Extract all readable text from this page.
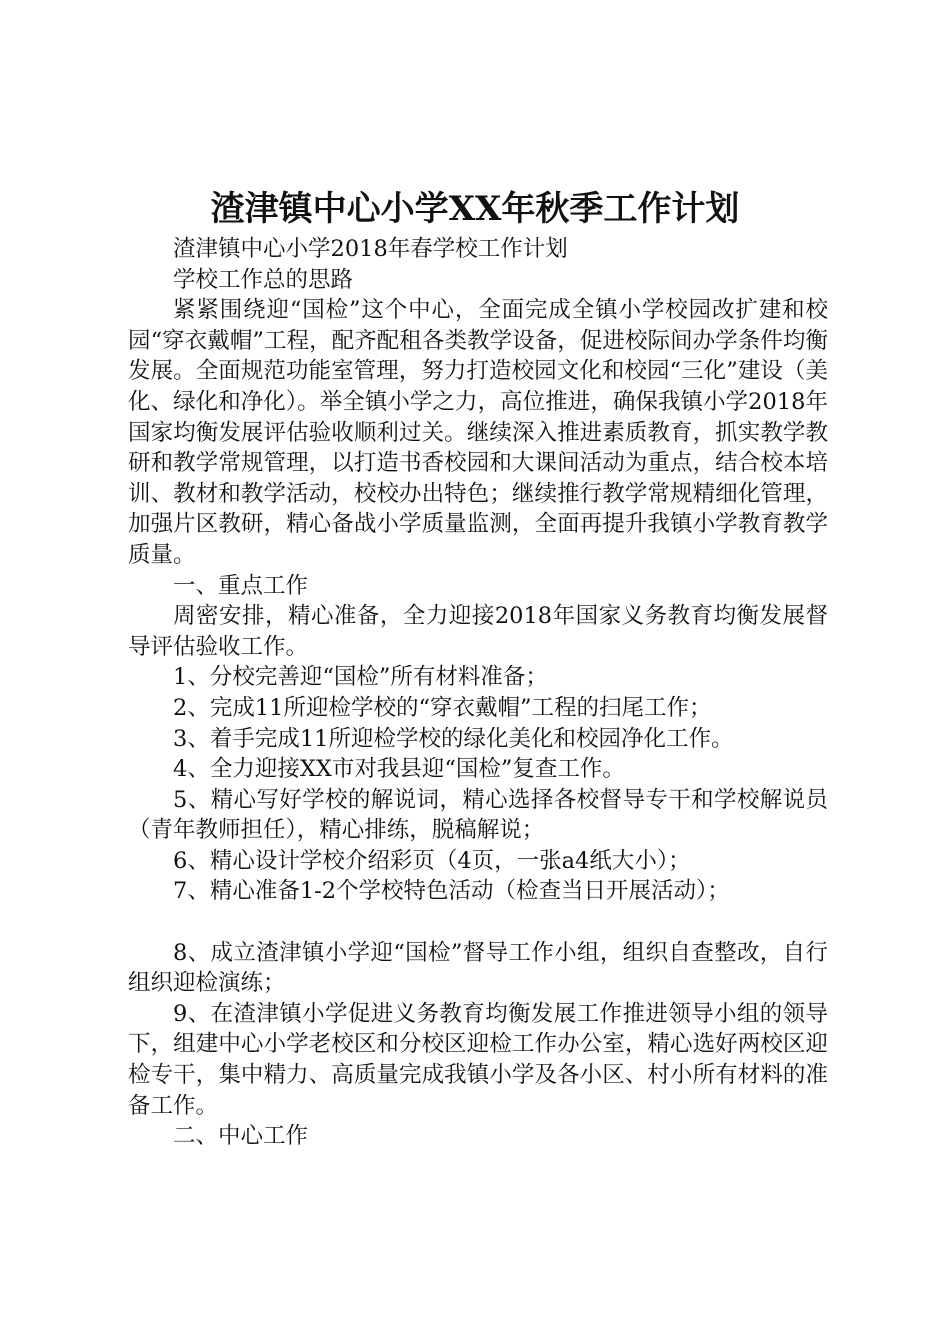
渣津镇中心小学XX年秋季工作计划

渣津镇中心小学2018年春学校工作计划

学校工作总的思路

紧紧围绕迎“国检”这个中心，全面完成全镇小学校园改扩建和校园“穿衣戴帽”工程，配齐配租各类教学设备，促进校际间办学条件均衡发展。全面规范功能室管理，努力打造校园文化和校园“三化”建设（美化、绿化和净化）。举全镇小学之力，高位推进，确保我镇小学2018年国家均衡发展评估验收顺利过关。继续深入推进素质教育，抓实教学教研和教学常规管理，以打造书香校园和大课间活动为重点，结合校本培训、教材和教学活动，校校办出特色；继续推行教学常规精细化管理，加强片区教研，精心备战小学质量监测，全面再提升我镇小学教育教学质量。

一、重点工作

周密安排，精心准备，全力迎接2018年国家义务教育均衡发展督导评估验收工作。

1、分校完善迎“国检”所有材料准备；

2、完成11所迎检学校的“穿衣戴帽”工程的扫尾工作；

3、着手完成11所迎检学校的绿化美化和校园净化工作。

4、全力迎接XX市对我县迎“国检”复查工作。

5、精心写好学校的解说词，精心选择各校督导专干和学校解说员（青年教师担任），精心排练，脱稿解说；

6、精心设计学校介绍彩页（4页，一张a4纸大小）；

7、精心准备1-2个学校特色活动（检查当日开展活动）；

8、成立渣津镇小学迎“国检”督导工作小组，组织自查整改，自行组织迎检演练；

9、在渣津镇小学促进义务教育均衡发展工作推进领导小组的领导下，组建中心小学老校区和分校区迎检工作办公室，精心选好两校区迎检专干，集中精力、高质量完成我镇小学及各小区、村小所有材料的准备工作。

二、中心工作
